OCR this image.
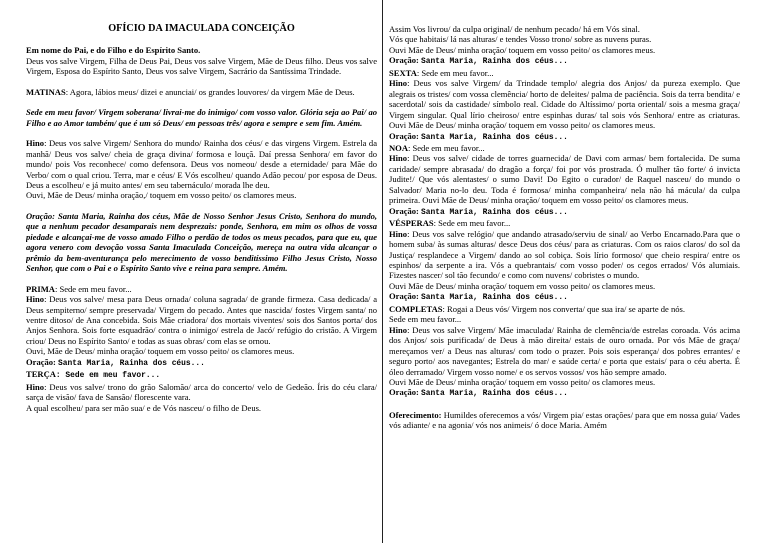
OFÍCIO DA IMACULADA CONCEIÇÃO

Em nome do Pai, e do Filho e do Espírito Santo.
Deus vos salve Virgem, Filha de Deus Pai, Deus vos salve Virgem, Mãe de Deus filho. Deus vos salve Virgem, Esposa do Espírito Santo, Deus vos salve Virgem, Sacrário da Santíssima Trindade.

MATINAS: Agora, lábios meus/ dizei e anunciai/ os grandes louvores/ da virgem Mãe de Deus.

Sede em meu favor/ Virgem soberana/ livrai-me do inimigo/ com vosso valor. Glória seja ao Pai/ ao Filho e ao Amor também/ que é um só Deus/ em pessoas três/ agora e sempre e sem fim. Amém.

Hino: Deus vos salve Virgem/ Senhora do mundo/ Rainha dos céus/ e das virgens Virgem. Estrela da manhã/ Deus vos salve/ cheia de graça divina/ formosa e louçã. Daí pressa Senhora/ em favor do mundo/ pois Vos reconhece/ como defensora. Deus vos nomeou/ desde a eternidade/ para Mãe do Verbo/ com o qual criou. Terra, mar e céus/ E Vós escolheu/ quando Adão pecou/ por esposa de Deus. Deus a escolheu/ e já muito antes/ em seu tabernáculo/ morada lhe deu.

Ouvi, Mãe de Deus/ minha oração,/ toquem em vosso peito/ os clamores meus.

Oração: Santa Maria, Rainha dos céus, Mãe de Nosso Senhor Jesus Cristo, Senhora do mundo, que a nenhum pecador desamparais nem desprezais: ponde, Senhora, em mim os olhos de vossa piedade e alcançai-me de vosso amado Filho o perdão de todos os meus pecados, para que eu, que agora venero com devoção vossa Santa Imaculada Conceição, mereça na outra vida alcançar o prêmio da bem-aventurança pelo merecimento de vosso benditíssimo Filho Jesus Cristo, Nosso Senhor, que com o Pai e o Espírito Santo vive e reina para sempre. Amém.

PRIMA: Sede em meu favor...

Hino: Deus vos salve/ mesa para Deus ornada/ coluna sagrada/ de grande firmeza. Casa dedicada/ a Deus sempiterno/ sempre preservada/ Virgem do pecado. Antes que nascida/ fostes Virgem santa/ no ventre ditoso/ de Ana concebida. Sois Mãe criadora/ dos mortais viventes/ sois dos Santos porta/ dos Anjos Senhora. Sois forte esquadrão/ contra o inimigo/ estrela de Jacó/ refúgio do cristão. A Virgem criou/ Deus no Espírito Santo/ e todas as suas obras/ com elas se ornou.

Ouvi, Mãe de Deus/ minha oração/ toquem em vosso peito/ os clamores meus.

Oração: Santa Maria, Rainha dos céus...

TERÇA: Sede em meu favor...

Hino: Deus vos salve/ trono do grão Salomão/ arca do concerto/ velo de Gedeão. Íris do céu clara/ sarça de visão/ fava de Sansão/ florescente vara.

A qual escolheu/ para ser mão sua/ e de Vós nasceu/ o filho de Deus.

Assim Vos livrou/ da culpa original/ de nenhum pecado/ há em Vós sinal.

Vós que habitais/ lá nas alturas/ e tendes Vosso trono/ sobre as nuvens puras.

Ouvi Mãe de Deus/ minha oração/ toquem em vosso peito/ os clamores meus.

Oração: Santa Maria, Rainha dos céus...

SEXTA: Sede em meu favor...

Hino: Deus vos salve Virgem/ da Trindade templo/ alegria dos Anjos/ da pureza exemplo. Que alegrais os tristes/ com vossa clemência/ horto de deleites/ palma de paciência. Sois da terra bendita/ e sacerdotal/ sois da castidade/ símbolo real. Cidade do Altíssimo/ porta oriental/ sois a mesma graça/ Virgem singular. Qual lírio cheiroso/ entre espinhas duras/ tal sois vós Senhora/ entre as criaturas. Ouvi Mãe de Deus/ minha oração/ toquem em vosso peito/ os clamores meus.

Oração: Santa Maria, Rainha dos céus...

NOA: Sede em meu favor...

Hino: Deus vos salve/ cidade de torres guarnecida/ de Davi com armas/ bem fortalecida. De suma caridade/ sempre abrasada/ do dragão a força/ foi por vós prostrada. Ó mulher tão forte/ ó invicta Judite!/ Que vós alentastes/ o sumo Davi! Do Egito o curador/ de Raquel nasceu/ do mundo o Salvador/ Maria no-lo deu. Toda é formosa/ minha companheira/ nela não há mácula/ da culpa primeira. Ouvi Mãe de Deus/ minha oração/ toquem em vosso peito/ os clamores meus.

Oração: Santa Maria, Rainha dos céus...

VÉSPERAS: Sede em meu favor...

Hino: Deus vos salve relógio/ que andando atrasado/serviu de sinal/ ao Verbo Encarnado.Para que o homem suba/ às sumas alturas/ desce Deus dos céus/ para as criaturas. Com os raios claros/ do sol da Justiça/ resplandece a Virgem/ dando ao sol cobiça. Sois lírio formoso/ que cheio respira/ entre os espinhos/ da serpente a ira. Vós a quebrantais/ com vosso poder/ os cegos errados/ Vós alumiais. Fizestes nascer/ sol tão fecundo/ e como com nuvens/ cobristes o mundo.

Ouvi Mãe de Deus/ minha oração/ toquem em vosso peito/ os clamores meus.

Oração: Santa Maria, Rainha dos céus...

COMPLETAS: Rogai a Deus vós/ Virgem nos converta/ que sua ira/ se aparte de nós.

Sede em meu favor...

Hino: Deus vos salve Virgem/ Mãe imaculada/ Rainha de clemência/de estrelas coroada. Vós acima dos Anjos/ sois purificada/ de Deus à mão direita/ estais de ouro ornada. Por vós Mãe de graça/ mereçamos ver/ a Deus nas alturas/ com todo o prazer. Pois sois esperança/ dos pobres errantes/ e seguro porto/ aos navegantes; Estrela do mar/ e saúde certa/ e porta que estais/ para o céu aberta. É óleo derramado/ Virgem vosso nome/ e os servos vossos/ vos hão sempre amado.

Ouvi Mãe de Deus/ minha oração/ toquem em vosso peito/ os clamores meus.

Oração: Santa Maria, Rainha dos céus...

Oferecimento: Humildes oferecemos a vós/ Virgem pia/ estas orações/ para que em nossa guia/ Vades vós adiante/ e na agonia/ vós nos animeis/ ó doce Maria. Amém
